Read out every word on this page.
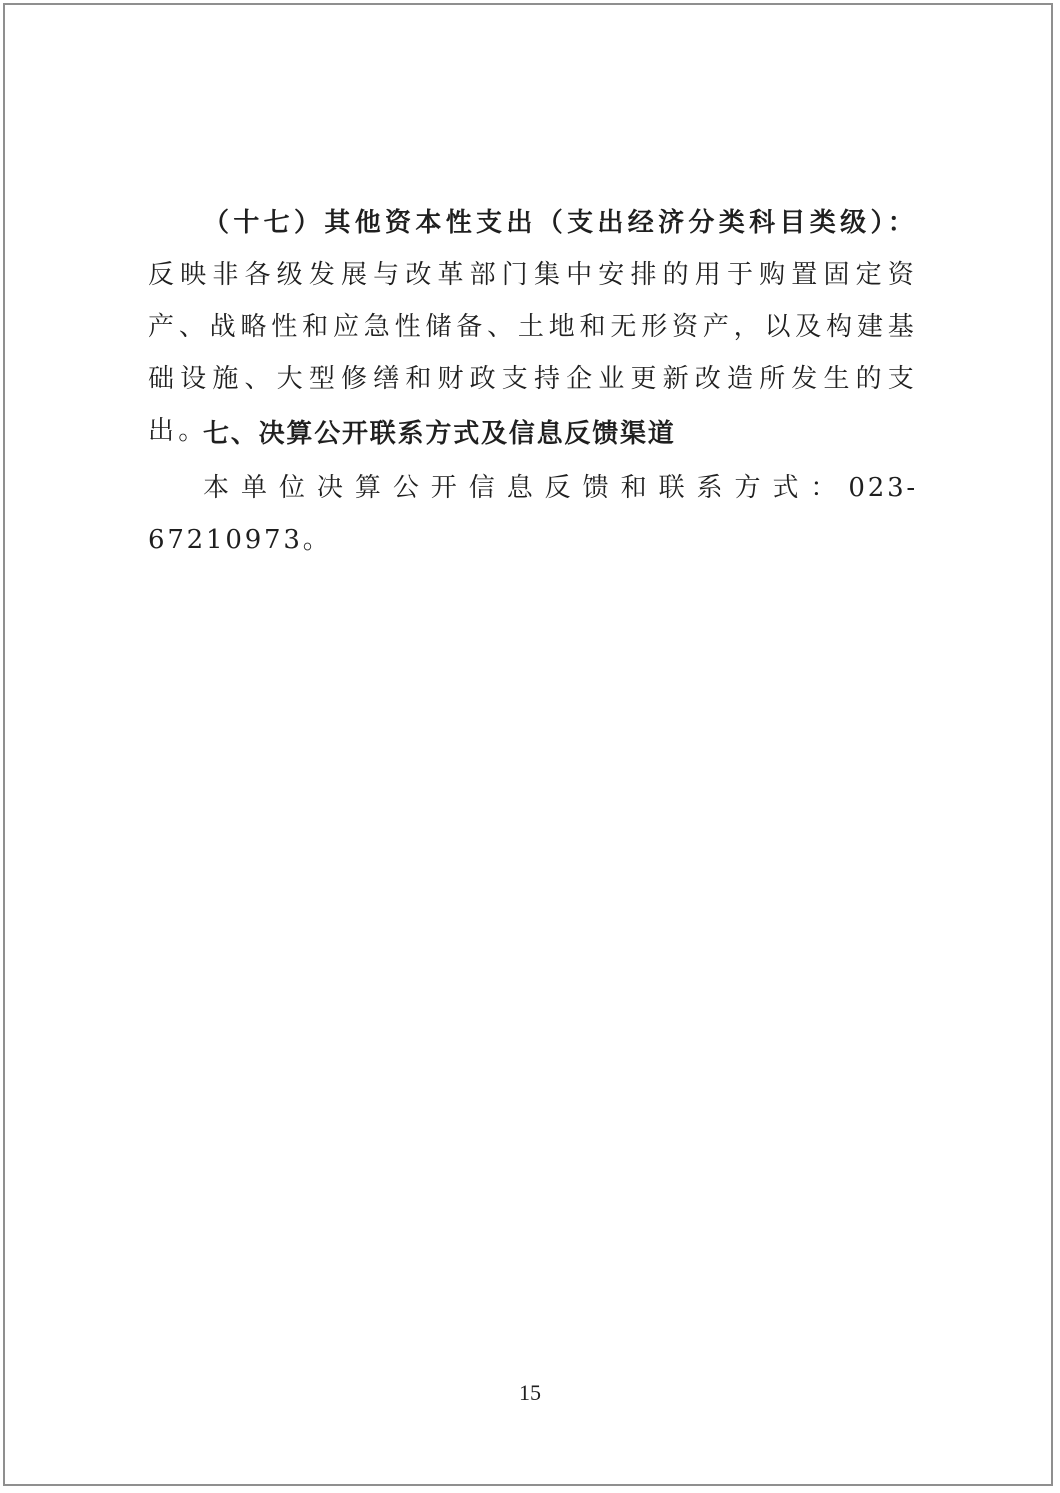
（十七）其他资本性支出（支出经济分类科目类级）：反映非各级发展与改革部门集中安排的用于购置固定资产、战略性和应急性储备、土地和无形资产，以及构建基础设施、大型修缮和财政支持企业更新改造所发生的支出。

七、决算公开联系方式及信息反馈渠道

本单位决算公开信息反馈和联系方式：023-67210973。

15
